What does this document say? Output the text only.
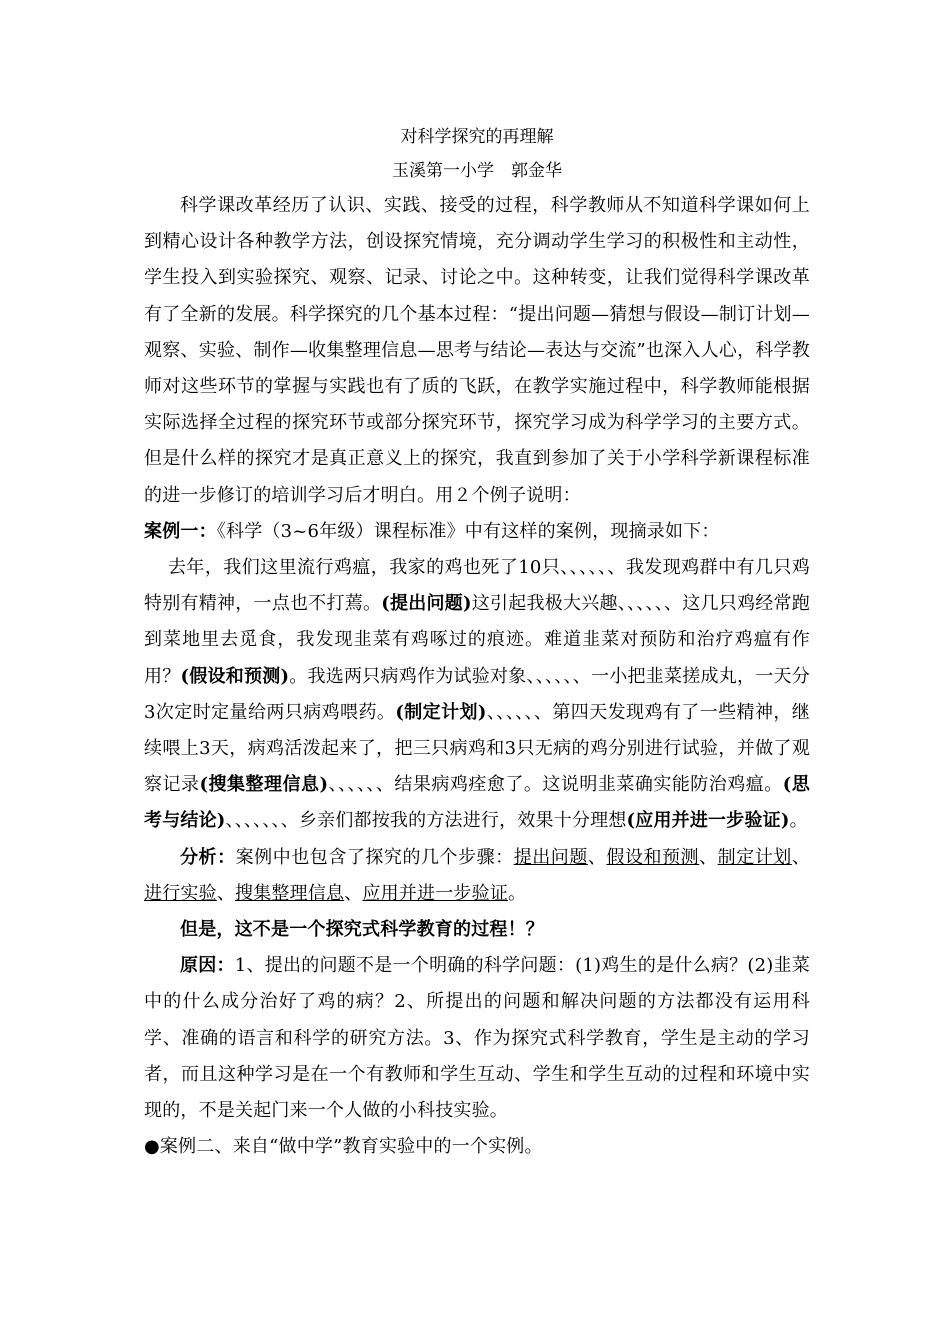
对科学探究的再理解

玉溪第一小学　郭金华

科学课改革经历了认识、实践、接受的过程，科学教师从不知道科学课如何上到精心设计各种教学方法，创设探究情境，充分调动学生学习的积极性和主动性，学生投入到实验探究、观察、记录、讨论之中。这种转变，让我们觉得科学课改革有了全新的发展。科学探究的几个基本过程：“提出问题—猜想与假设—制订计划—观察、实验、制作—收集整理信息—思考与结论—表达与交流”也深入人心，科学教师对这些环节的掌握与实践也有了质的飞跃，在教学实施过程中，科学教师能根据实际选择全过程的探究环节或部分探究环节，探究学习成为科学学习的主要方式。但是什么样的探究才是真正意义上的探究，我直到参加了关于小学科学新课程标准的进一步修订的培训学习后才明白。用２个例子说明：

案例一：《科学（3~6年级）课程标准》中有这样的案例，现摘录如下：

去年，我们这里流行鸡瘟，我家的鸡也死了10只、、、、、、我发现鸡群中有几只鸡特别有精神，一点也不打蔫。(提出问题)这引起我极大兴趣、、、、、、这几只鸡经常跑到菜地里去觅食，我发现韭菜有鸡啄过的痕迹。难道韭菜对预防和治疗鸡瘟有作用？(假设和预测)。我选两只病鸡作为试验对象、、、、、、一小把韭菜搓成丸，一天分3次定时定量给两只病鸡喂药。(制定计划)、、、、、、第四天发现鸡有了一些精神，继续喂上3天，病鸡活泼起来了，把三只病鸡和3只无病的鸡分别进行试验，并做了观察记录(搜集整理信息)、、、、、、结果病鸡痊愈了。这说明韭菜确实能防治鸡瘟。(思考与结论)、、、、、、、乡亲们都按我的方法进行，效果十分理想(应用并进一步验证)。

分析：案例中也包含了探究的几个步骤：提出问题、假设和预测、制定计划、进行实验、搜集整理信息、应用并进一步验证。

但是，这不是一个探究式科学教育的过程！？

原因：1、提出的问题不是一个明确的科学问题：(1)鸡生的是什么病？(2)韭菜中的什么成分治好了鸡的病？2、所提出的问题和解决问题的方法都没有运用科学、准确的语言和科学的研究方法。3、作为探究式科学教育，学生是主动的学习者，而且这种学习是在一个有教师和学生互动、学生和学生互动的过程和环境中实现的，不是关起门来一个人做的小科技实验。

●案例二、来自“做中学”教育实验中的一个实例。
